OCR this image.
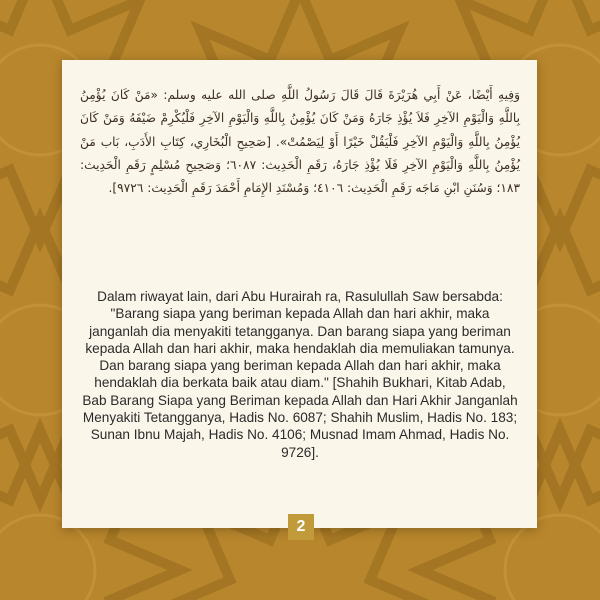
وَفِيهِ أَيْضًا، عَنْ أَبِي هُرَيْرَةَ قَالَ قَالَ رَسُولُ اللَّهِ صلى الله عليه وسلم: «مَنْ كَانَ يُؤْمِنُ بِاللَّهِ وَالْيَوْمِ الآخِرِ فَلاَ يُؤْذِ جَارَهُ وَمَنْ كَانَ يُؤْمِنُ بِاللَّهِ وَالْيَوْمِ الآخِرِ فَلْيُكْرِمْ ضَيْفَهُ وَمَنْ كَانَ يُؤْمِنُ بِاللَّهِ وَالْيَوْمِ الآخِرِ فَلْيَقُلْ خَيْرًا أَوْ لِيَصْمُتْ». [صَحِيحِ الْبُخَارِي، كِتَابِ الأَدَبِ، بَاب مَنْ يُؤْمِنُ بِاللَّهِ وَالْيَوْمِ الآخِرِ فَلَا يُؤْذِ جَارَهُ، رَقَمِ الْحَدِيث: ٦٠٨٧؛ وَصَحِيحِ مُسْلِمٍ رَقَمِ الْحَدِيث: ١٨٣؛ وَسُنَنِ ابْنِ مَاجَه رَقَمِ الْحَدِيث: ٤١٠٦؛ وَمُسْنَدِ الإِمَامِ أَحْمَدَ رَقَمِ الْحَدِيث: ٩٧٢٦].
Dalam riwayat lain, dari Abu Hurairah ra, Rasulullah Saw bersabda: "Barang siapa yang beriman kepada Allah dan hari akhir, maka janganlah dia menyakiti tetangganya. Dan barang siapa yang beriman kepada Allah dan hari akhir, maka hendaklah dia memuliakan tamunya. Dan barang siapa yang beriman kepada Allah dan hari akhir, maka hendaklah dia berkata baik atau diam." [Shahih Bukhari, Kitab Adab, Bab Barang Siapa yang Beriman kepada Allah dan Hari Akhir Janganlah Menyakiti Tetangganya, Hadis No. 6087; Shahih Muslim, Hadis No. 183; Sunan Ibnu Majah, Hadis No. 4106; Musnad Imam Ahmad, Hadis No. 9726].
2
